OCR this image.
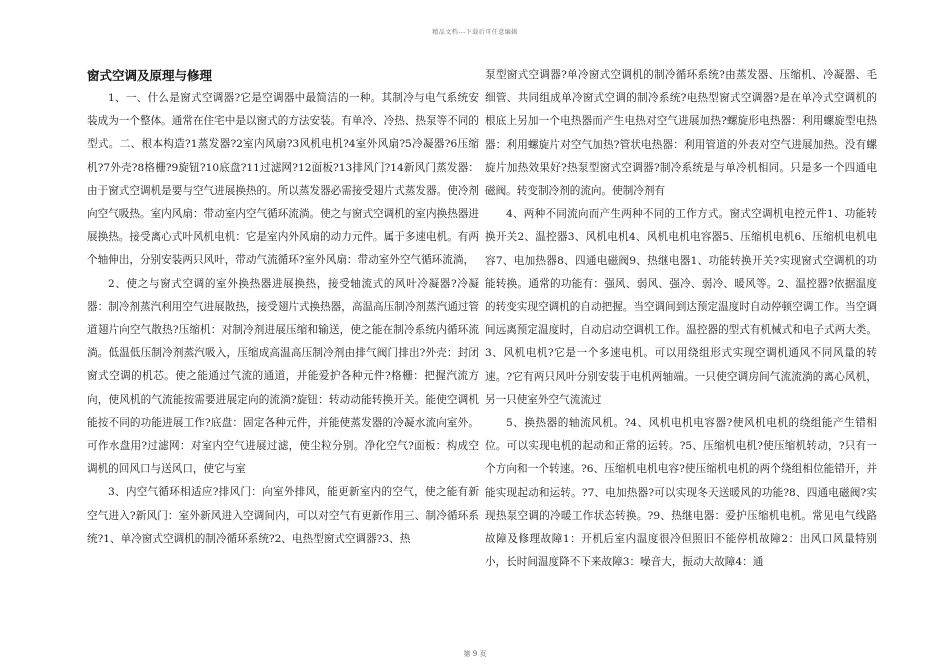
精品文档---下载后可任意编辑
窗式空调及原理与修理

1、一、什么是窗式空调器?它是空调器中最简洁的一种。其制冷与电气系统安装成为一个整体。通常在住宅中是以窗式的方法安装。有单冷、冷热、热泵等不同的型式。二、根本构造?1蒸发器?2室内风扇?3风机电机?4室外风扇?5冷凝器?6压缩机?7外壳?8格栅?9旋钮?10底盘?11过滤网?12面板?13排风门?14新风门蒸发器：由于窗式空调机是要与空气进展换热的。所以蒸发器必需接受翅片式蒸发器。使冷剂向空气吸热。室内风扇：带动室内空气循环流淌。使之与窗式空调机的室内换热器进展换热。接受离心式叶风机电机：它是室内外风扇的动力元件。属于多速电机。有两个轴伸出，分别安装两只风叶，带动气流循环?室外风扇：带动室外空气循环流淌，

2、使之与窗式空调的室外换热器进展换热，接受轴流式的风叶冷凝器?冷凝器：制冷剂蒸汽利用空气进展散热，接受翅片式换热器，高温高压制冷剂蒸汽通过管道翅片向空气散热?压缩机：对制冷剂进展压缩和输送，使之能在制冷系统内循环流淌。低温低压制冷剂蒸汽吸入，压缩成高温高压制冷剂由排气阀门排出?外壳：封闭窗式空调的机芯。使之能通过气流的通道，并能爱护各种元件?格栅：把握汽流方向，使风机的气流能按需要进展定向的流淌?旋钮：转动动能转换开关。能使空调机能按不同的功能进展工作?底盘：固定各种元件，并能使蒸发器的冷凝水流向室外。可作水盘用?过滤网：对室内空气进展过滤，使尘粒分别。净化空气?面板：构成空调机的回风口与送风口，使它与室

3、内空气循环相适应?排风门：向室外排风，能更新室内的空气，使之能有新空气进入?新风门：室外新风进入空调间内，可以对空气有更新作用三、制冷循环系统?1、单冷窗式空调机的制冷循环系统?2、电热型窗式空调器?3、热

泵型窗式空调器?单冷窗式空调机的制冷循环系统?由蒸发器、压缩机、冷凝器、毛细管、共同组成单冷窗式空调的制冷系统?电热型窗式空调器?是在单冷式空调机的根底上另加一个电热器而产生电热对空气进展加热?螺旋形电热器：利用螺旋型电热器：利用螺旋片对空气加热?管状电热器：利用管道的外表对空气进展加热。没有螺旋片加热效果好?热泵型窗式空调器?制冷系统是与单冷机相同。只是多一个四通电磁阀。转变制冷剂的流向。使制冷剂有

4、两种不同流向而产生两种不同的工作方式。窗式空调机电控元件1、功能转换开关2、温控器3、风机电机4、风机电机电容器5、压缩机电机6、压缩机电机电容7、电加热器8、四通电磁阀9、热继电器1、功能转换开关?实现窗式空调机的功能转换。通常的功能有：强风、弱风、强冷、弱冷、暖风等。2、温控器?依据温度的转变实现空调机的自动把握。当空调间到达预定温度时自动停顿空调工作。当空调间远离预定温度时，自动启动空调机工作。温控器的型式有机械式和电子式两大类。3、风机电机?它是一个多速电机。可以用绕组形式实现空调机通风不同风量的转速。?它有两只风叶分别安装于电机两轴端。一只使空调房间气流流淌的离心风机，另一只使室外空气流流过

5、换热器的轴流风机。?4、风机电机电容器?使风机电机的绕组能产生错相位。可以实现电机的起动和正常的运转。?5、压缩机电机?使压缩机转动，?只有一个方向和一个转速。?6、压缩机电机电容?使压缩机电机的两个绕组相位能错开，并能实现起动和运转。?7、电加热器?可以实现冬天送暖风的功能?8、四通电磁阀?实现热泵空调的冷暖工作状态转换。?9、热继电器：爱护压缩机电机。常见电气线路故障及修理故障1：开机后室内温度很冷但照旧不能停机故障2：出风口风量特别小，长时间温度降不下来故障3：噪音大，振动大故障4：通

第 9 页
